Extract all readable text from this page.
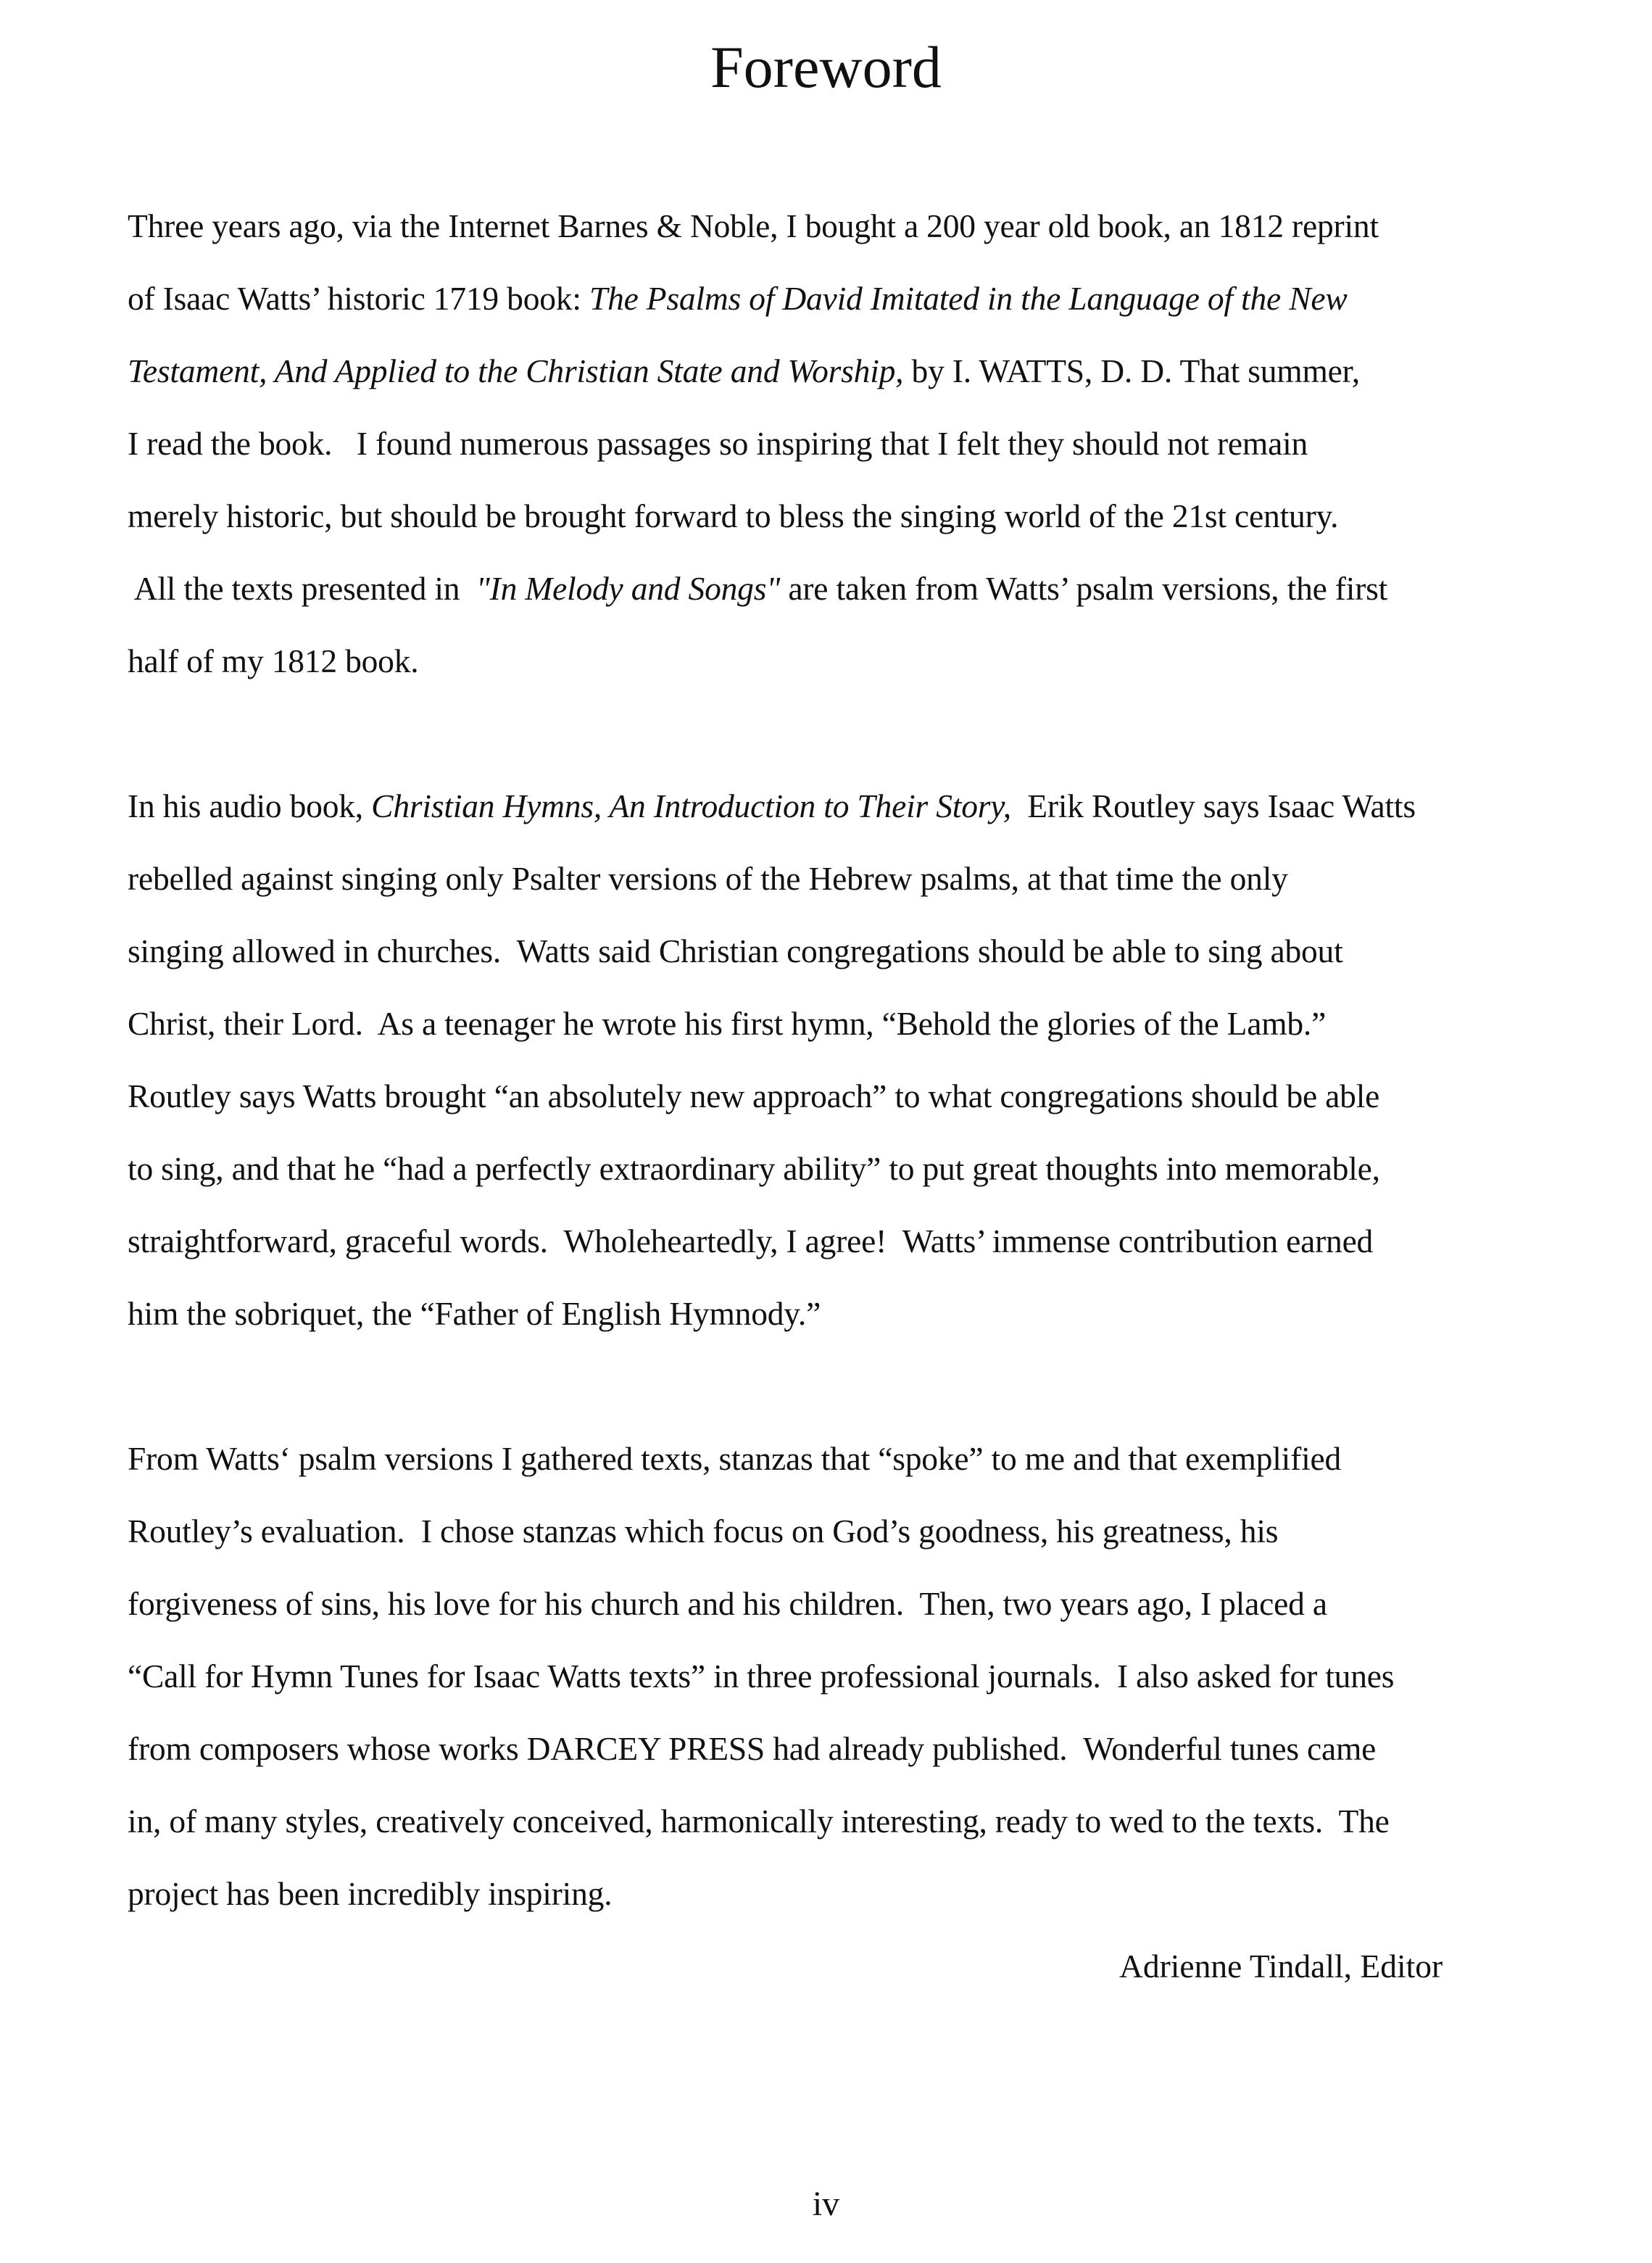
Foreword
Three years ago, via the Internet Barnes & Noble, I bought a 200 year old book, an 1812 reprint
of Isaac Watts’ historic 1719 book: The Psalms of David Imitated in the Language of the New
Testament, And Applied to the Christian State and Worship, by I. WATTS, D. D. That summer,
I read the book.   I found numerous passages so inspiring that I felt they should not remain
merely historic, but should be brought forward to bless the singing world of the 21st century.
All the texts presented in  "In Melody and Songs" are taken from Watts’ psalm versions, the first
half of my 1812 book.
In his audio book, Christian Hymns, An Introduction to Their Story,  Erik Routley says Isaac Watts
rebelled against singing only Psalter versions of the Hebrew psalms, at that time the only
singing allowed in churches.  Watts said Christian congregations should be able to sing about
Christ, their Lord.  As a teenager he wrote his first hymn, “Behold the glories of the Lamb.”
Routley says Watts brought “an absolutely new approach” to what congregations should be able
to sing, and that he “had a perfectly extraordinary ability” to put great thoughts into memorable,
straightforward, graceful words.  Wholeheartedly, I agree!  Watts’ immense contribution earned
him the sobriquet, the “Father of English Hymnody.”
From Watts‘ psalm versions I gathered texts, stanzas that “spoke” to me and that exemplified
Routley’s evaluation.  I chose stanzas which focus on God’s goodness, his greatness, his
forgiveness of sins, his love for his church and his children.  Then, two years ago, I placed a
“Call for Hymn Tunes for Isaac Watts texts” in three professional journals.  I also asked for tunes
from composers whose works DARCEY PRESS had already published.  Wonderful tunes came
in, of many styles, creatively conceived, harmonically interesting, ready to wed to the texts.  The
project has been incredibly inspiring.
Adrienne Tindall, Editor
iv
